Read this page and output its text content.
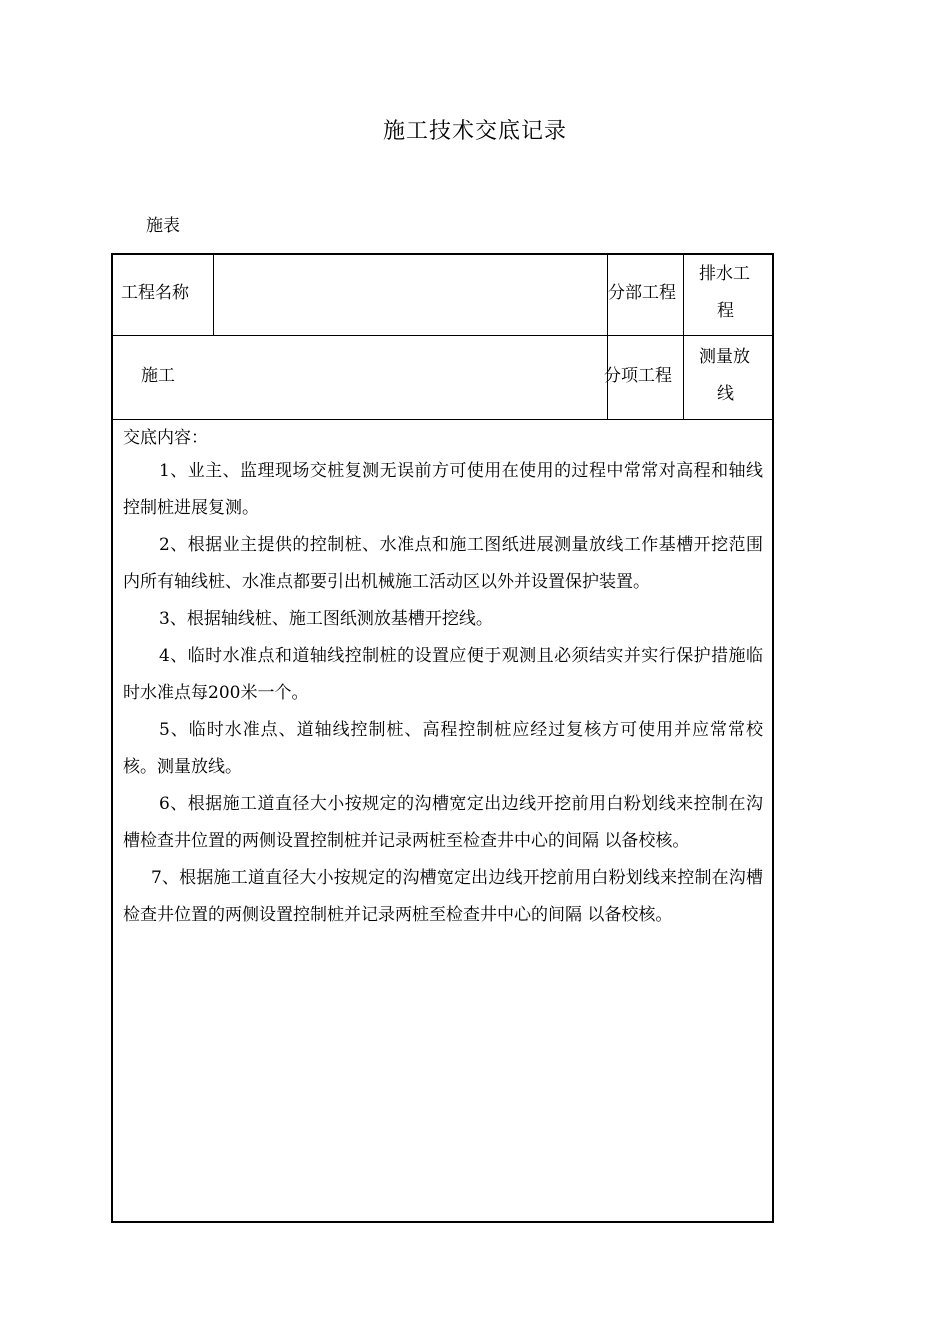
施工技术交底记录
施表
工程名称	分部工程
排水工
程
施工	分项工程
测量放
线
交底内容：

1、业主、监理现场交桩复测无误前方可使用在使用的过程中常常对高程和轴线控制桩进展复测。

2、根据业主提供的控制桩、水准点和施工图纸进展测量放线工作基槽开挖范围内所有轴线桩、水准点都要引出机械施工活动区以外并设置保护装置。

3、根据轴线桩、施工图纸测放基槽开挖线。

4、临时水准点和道轴线控制桩的设置应便于观测且必须结实并实行保护措施临时水准点每200米一个。

5、临时水准点、道轴线控制桩、高程控制桩应经过复核方可使用并应常常校核。测量放线。

6、根据施工道直径大小按规定的沟槽宽定出边线开挖前用白粉划线来控制在沟槽检查井位置的两侧设置控制桩并记录两桩至检查井中心的间隔 以备校核。

7、根据施工道直径大小按规定的沟槽宽定出边线开挖前用白粉划线来控制在沟槽检查井位置的两侧设置控制桩并记录两桩至检查井中心的间隔 以备校核。
